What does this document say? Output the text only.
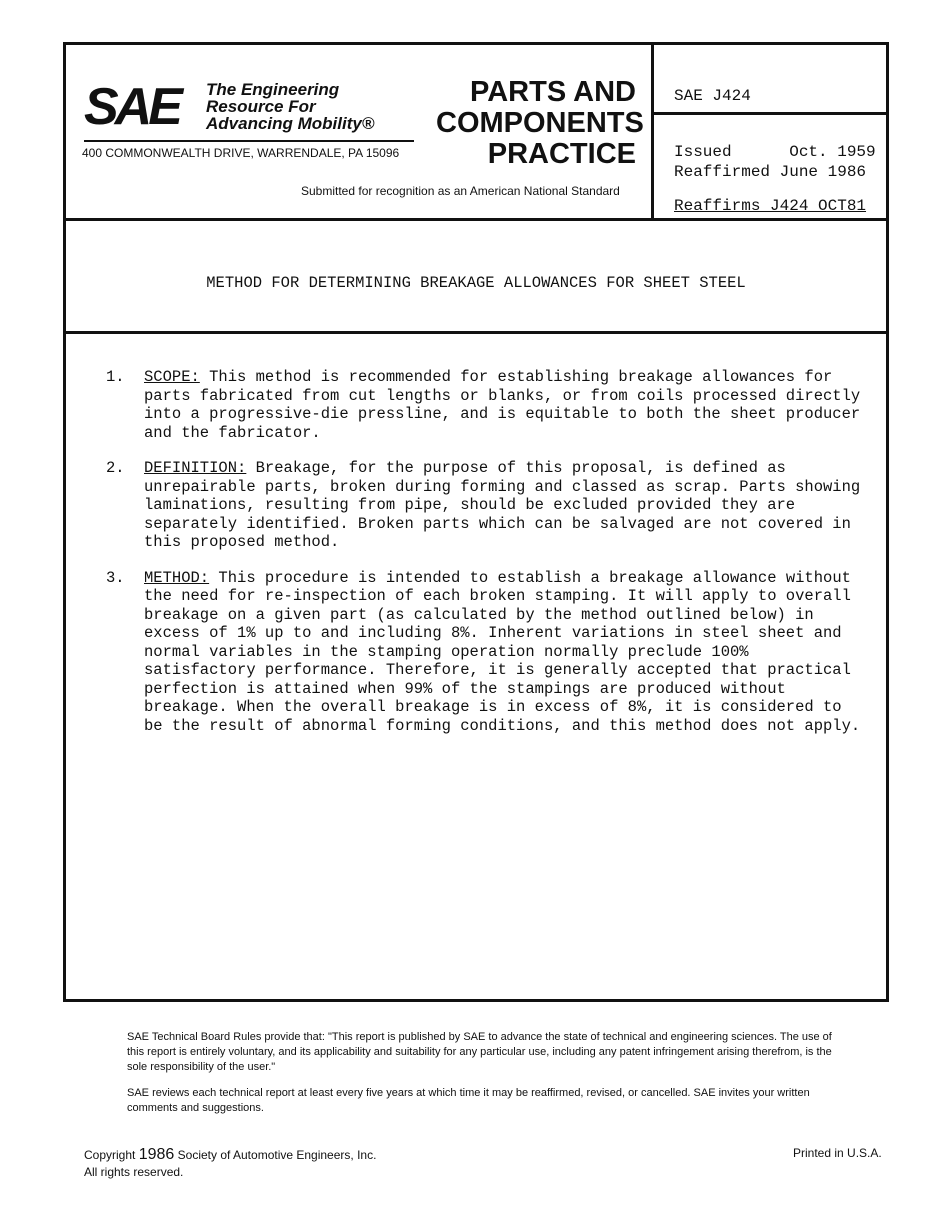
SAE The Engineering
Resource For
Advancing Mobility®
400 COMMONWEALTH DRIVE, WARRENDALE, PA 15096
PARTS AND
COMPONENTS
PRACTICE
Submitted for recognition as an American National Standard
SAE J424
Issued      Oct. 1959
Reaffirmed June 1986
Reaffirms J424 OCT81
METHOD FOR DETERMINING BREAKAGE ALLOWANCES FOR SHEET STEEL
1. SCOPE: This method is recommended for establishing breakage allowances for parts fabricated from cut lengths or blanks, or from coils processed directly into a progressive-die pressline, and is equitable to both the sheet producer and the fabricator.
2. DEFINITION: Breakage, for the purpose of this proposal, is defined as unrepairable parts, broken during forming and classed as scrap. Parts showing laminations, resulting from pipe, should be excluded provided they are separately identified. Broken parts which can be salvaged are not covered in this proposed method.
3. METHOD: This procedure is intended to establish a breakage allowance without the need for re-inspection of each broken stamping. It will apply to overall breakage on a given part (as calculated by the method outlined below) in excess of 1% up to and including 8%. Inherent variations in steel sheet and normal variables in the stamping operation normally preclude 100% satisfactory performance. Therefore, it is generally accepted that practical perfection is attained when 99% of the stampings are produced without breakage. When the overall breakage is in excess of 8%, it is considered to be the result of abnormal forming conditions, and this method does not apply.

SAE Technical Board Rules provide that: "This report is published by SAE to advance the state of technical and engineering sciences. The use of this report is entirely voluntary, and its applicability and suitability for any particular use, including any patent infringement arising therefrom, is the sole responsibility of the user."

SAE reviews each technical report at least every five years at which time it may be reaffirmed, revised, or cancelled. SAE invites your written comments and suggestions.

Copyright 1986 Society of Automotive Engineers, Inc.
All rights reserved.
Printed in U.S.A.
